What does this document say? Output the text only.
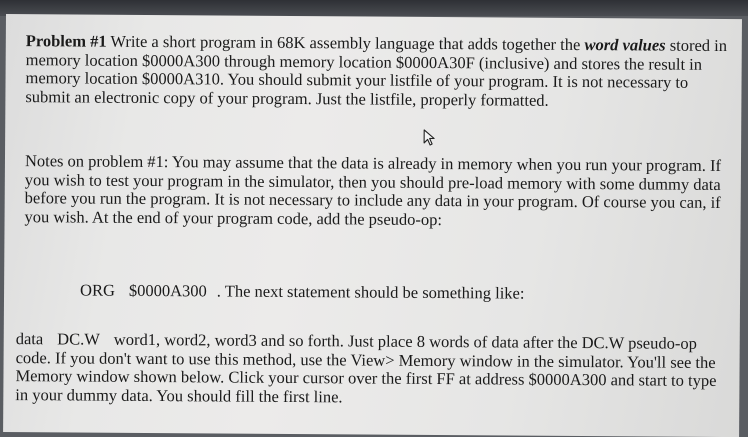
Problem #1 Write a short program in 68K assembly language that adds together the word values stored in memory location $0000A300 through memory location $0000A30F (inclusive) and stores the result in memory location $0000A310. You should submit your listfile of your program. It is not necessary to submit an electronic copy of your program. Just the listfile, properly formatted.

Notes on problem #1: You may assume that the data is already in memory when you run your program. If you wish to test your program in the simulator, then you should pre-load memory with some dummy data before you run the program. It is not necessary to include any data in your program. Of course you can, if you wish. At the end of your program code, add the pseudo-op:

ORG $0000A300 . The next statement should be something like:

data DC.W word1, word2, word3 and so forth. Just place 8 words of data after the DC.W pseudo-op code. If you don't want to use this method, use the View> Memory window in the simulator. You'll see the Memory window shown below. Click your cursor over the first FF at address $0000A300 and start to type in your dummy data. You should fill the first line.
